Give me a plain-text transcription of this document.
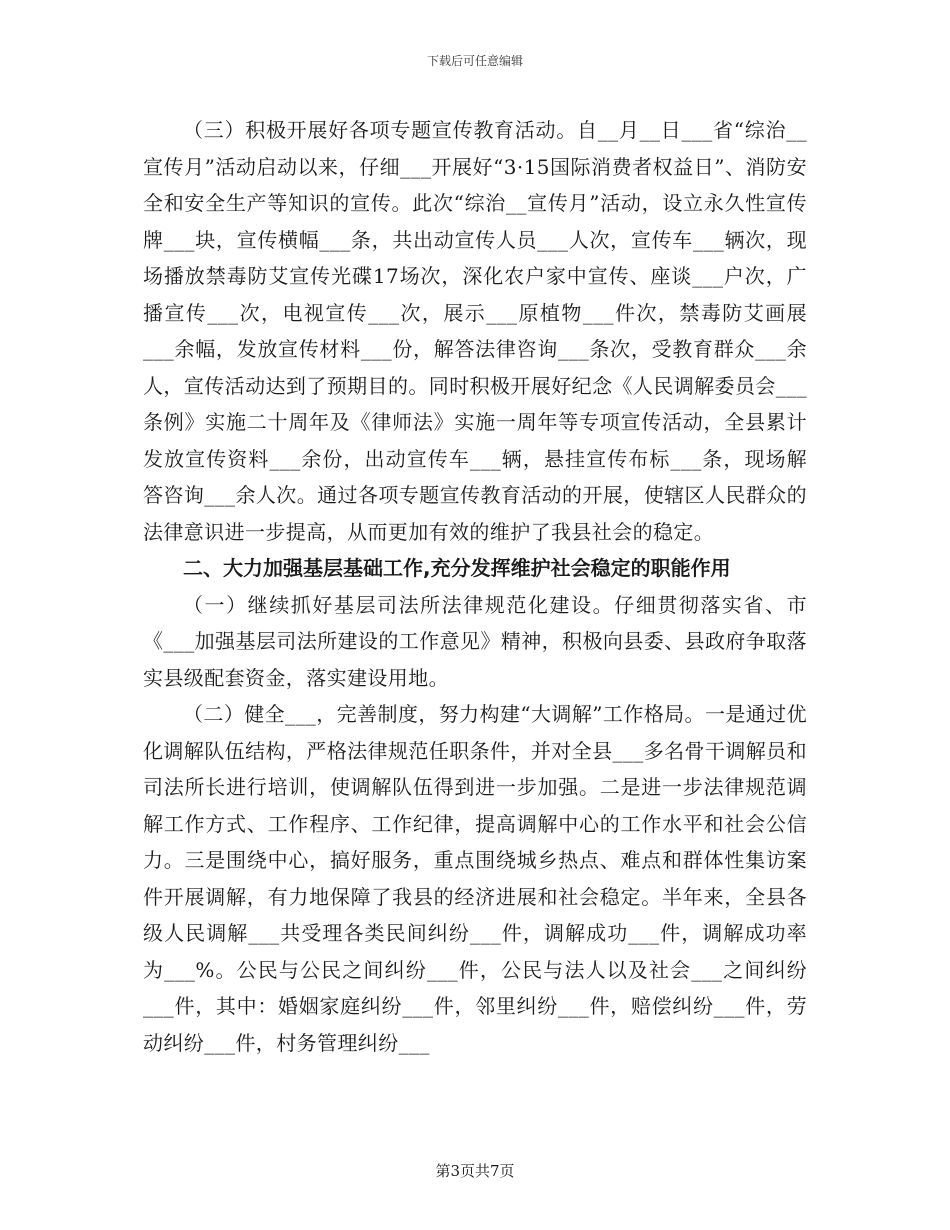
下载后可任意编辑

（三）积极开展好各项专题宣传教育活动。自__月__日___省“综治__宣传月”活动启动以来，仔细___开展好“3·15国际消费者权益日”、消防安全和安全生产等知识的宣传。此次“综治__宣传月”活动，设立永久性宣传牌___块，宣传横幅___条，共出动宣传人员___人次，宣传车___辆次，现场播放禁毒防艾宣传光碟17场次，深化农户家中宣传、座谈___户次，广播宣传___次，电视宣传___次，展示___原植物___件次，禁毒防艾画展___余幅，发放宣传材料___份，解答法律咨询___条次，受教育群众___余人，宣传活动达到了预期目的。同时积极开展好纪念《人民调解委员会___条例》实施二十周年及《律师法》实施一周年等专项宣传活动，全县累计发放宣传资料___余份，出动宣传车___辆，悬挂宣传布标___条，现场解答咨询___余人次。通过各项专题宣传教育活动的开展，使辖区人民群众的法律意识进一步提高，从而更加有效的维护了我县社会的稳定。

二、大力加强基层基础工作,充分发挥维护社会稳定的职能作用

（一）继续抓好基层司法所法律规范化建设。仔细贯彻落实省、市《___加强基层司法所建设的工作意见》精神，积极向县委、县政府争取落实县级配套资金，落实建设用地。

（二）健全___，完善制度，努力构建“大调解”工作格局。一是通过优化调解队伍结构，严格法律规范任职条件，并对全县___多名骨干调解员和司法所长进行培训，使调解队伍得到进一步加强。二是进一步法律规范调解工作方式、工作程序、工作纪律，提高调解中心的工作水平和社会公信力。三是围绕中心，搞好服务，重点围绕城乡热点、难点和群体性集访案件开展调解，有力地保障了我县的经济进展和社会稳定。半年来，全县各级人民调解___共受理各类民间纠纷___件，调解成功___件，调解成功率为___%。公民与公民之间纠纷___件，公民与法人以及社会___之间纠纷___件，其中：婚姻家庭纠纷___件，邻里纠纷___件，赔偿纠纷___件，劳动纠纷___件，村务管理纠纷___

第3页共7页
